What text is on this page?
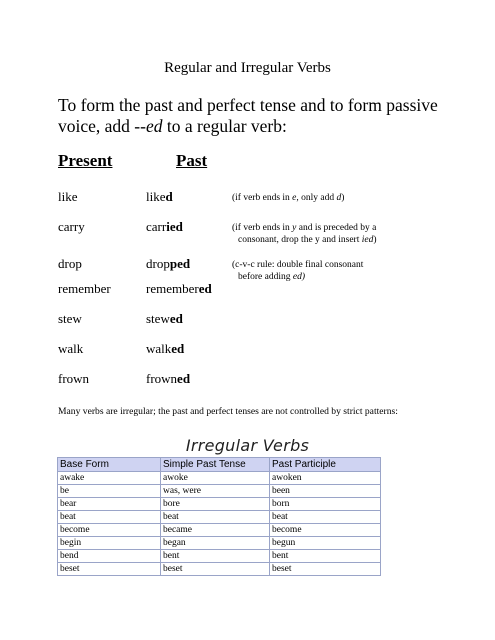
Regular and Irregular Verbs
To form the past and perfect tense and to form passive voice, add --ed to a regular verb:
Present	Past
like	liked	(if verb ends in e, only add d)
carry	carried	(if verb ends in y and is preceded by a
consonant, drop the y and insert ied)
drop	dropped	(c-v-c rule: double final consonant
before adding ed)
remember	remembered
stew	stewed
walk	walked
frown	frowned
Many verbs are irregular; the past and perfect tenses are not controlled by strict patterns:
Irregular Verbs
Base Form	Simple Past Tense	Past Participle
awake	awoke	awoken
be	was, were	been
bear	bore	born
beat	beat	beat
become	became	become
begin	began	begun
bend	bent	bent
beset	beset	beset
